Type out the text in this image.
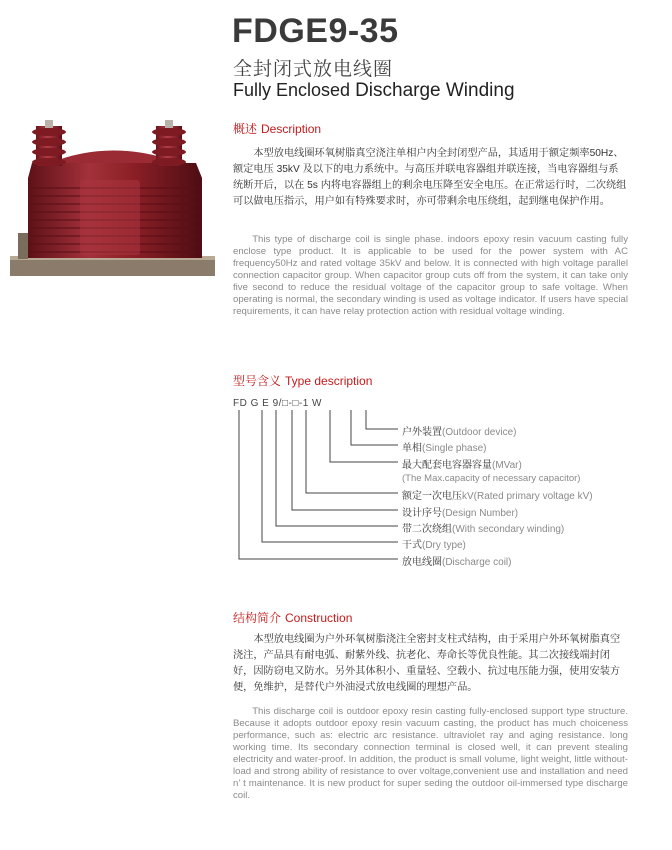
FDGE9-35
全封闭式放电线圈
Fully Enclosed Discharge Winding
概述 Description

本型放电线圈环氧树脂真空浇注单相户内全封闭型产品，其适用于额定频率50Hz、额定电压 35kV 及以下的电力系统中。与高压并联电容器组并联连接，当电容器组与系统断开后，以在 5s 内将电容器组上的剩余电压降至安全电压。在正常运行时，二次绕组可以做电压指示，用户如有特殊要求时，亦可带剩余电压绕组，起到继电保护作用。

This type of discharge coil is single phase. indoors epoxy resin vacuum casting fully enclose type product. It is applicable to be used for the power system with AC frequency50Hz and rated voltage 35kV and below. It is connected with high voltage parallel connection capacitor group. When capacitor group cuts off from the system, it can take only five second to reduce the residual voltage of the capacitor group to safe voltage. When operating is normal, the secondary winding is used as voltage indicator. If users have special requirements, it can have relay protection action with residual voltage winding.

型号含义 Type description
FD G E 9/□-□-1 W
户外装置(Outdoor device)
单相(Single phase)
最大配套电容器容量(MVar)
(The Max.capacity of necessary capacitor)
额定一次电压kV(Rated primary voltage kV)
设计序号(Design Number)
带二次绕组(With secondary winding)
干式(Dry type)
放电线圈(Discharge coil)
结构简介 Construction

本型放电线圈为户外环氧树脂浇注全密封支柱式结构，由于采用户外环氧树脂真空浇注，产品具有耐电弧、耐紫外线、抗老化、寿命长等优良性能。其二次接线端封闭好，因防窃电又防水。另外其体积小、重量轻、空载小、抗过电压能力强，使用安装方便，免维护，是替代户外油浸式放电线圈的理想产品。

This discharge coil is outdoor epoxy resin casting fully-enclosed support type structure. Because it adopts outdoor epoxy resin vacuum casting, the product has much choiceness performance, such as: electric arc resistance. ultraviolet ray and aging resistance. long working time. Its secondary connection terminal is closed well, it can prevent stealing electricity and water-proof. In addition, the product is small volume, light weight, little without-load and strong ability of resistance to over voltage,convenient use and installation and need n’ t maintenance. It is new product for super seding the outdoor oil-immersed type discharge coil.
